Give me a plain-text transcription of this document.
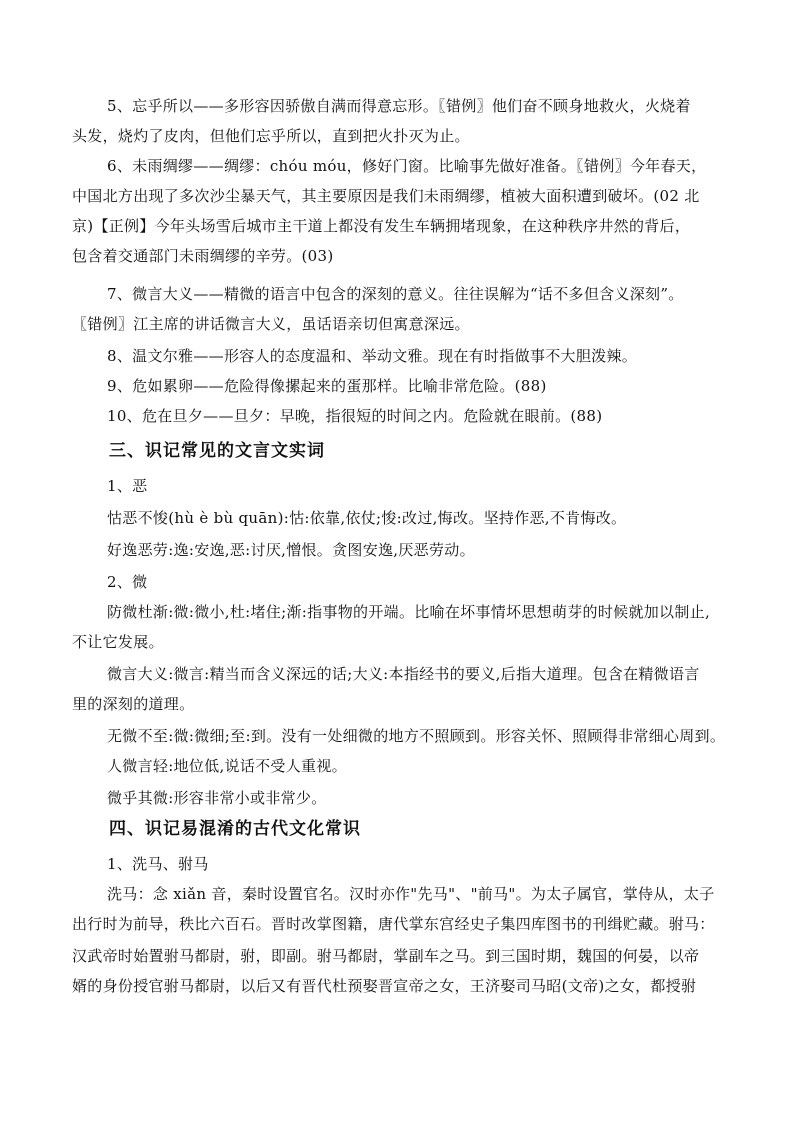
5、忘乎所以——多形容因骄傲自满而得意忘形。〖错例〗他们奋不顾身地救火，火烧着
头发，烧灼了皮肉，但他们忘乎所以，直到把火扑灭为止。
6、未雨绸缪——绸缪：chóu móu，修好门窗。比喻事先做好准备。〖错例〗今年春天，
中国北方出现了多次沙尘暴天气，其主要原因是我们未雨绸缪，植被大面积遭到破坏。(02 北
京)【正例】今年头场雪后城市主干道上都没有发生车辆拥堵现象，在这种秩序井然的背后，
包含着交通部门未雨绸缪的辛劳。(03)
7、微言大义——精微的语言中包含的深刻的意义。往往误解为“话不多但含义深刻”。
〖错例〗江主席的讲话微言大义，虽话语亲切但寓意深远。
8、温文尔雅——形容人的态度温和、举动文雅。现在有时指做事不大胆泼辣。
9、危如累卵——危险得像摞起来的蛋那样。比喻非常危险。(88)
10、危在旦夕——旦夕：早晚，指很短的时间之内。危险就在眼前。(88)
三、识记常见的文言文实词
1、恶
怙恶不悛(hù è bù quān):怙:依靠,依仗;悛:改过,悔改。坚持作恶,不肯悔改。
好逸恶劳:逸:安逸,恶:讨厌,憎恨。贪图安逸,厌恶劳动。
2、微
防微杜渐:微:微小,杜:堵住;渐:指事物的开端。比喻在坏事情坏思想萌芽的时候就加以制止,
不让它发展。
微言大义:微言:精当而含义深远的话;大义:本指经书的要义,后指大道理。包含在精微语言
里的深刻的道理。
无微不至:微:微细;至:到。没有一处细微的地方不照顾到。形容关怀、照顾得非常细心周到。
人微言轻:地位低,说话不受人重视。
微乎其微:形容非常小或非常少。
四、识记易混淆的古代文化常识
1、洗马、驸马
洗马：念 xiǎn 音，秦时设置官名。汉时亦作"先马"、"前马"。为太子属官，掌侍从，太子
出行时为前导，秩比六百石。晋时改掌图籍，唐代掌东宫经史子集四库图书的刊缉贮藏。驸马：
汉武帝时始置驸马都尉，驸，即副。驸马都尉，掌副车之马。到三国时期，魏国的何晏，以帝
婿的身份授官驸马都尉，以后又有晋代杜预娶晋宣帝之女，王济娶司马昭(文帝)之女，都授驸
